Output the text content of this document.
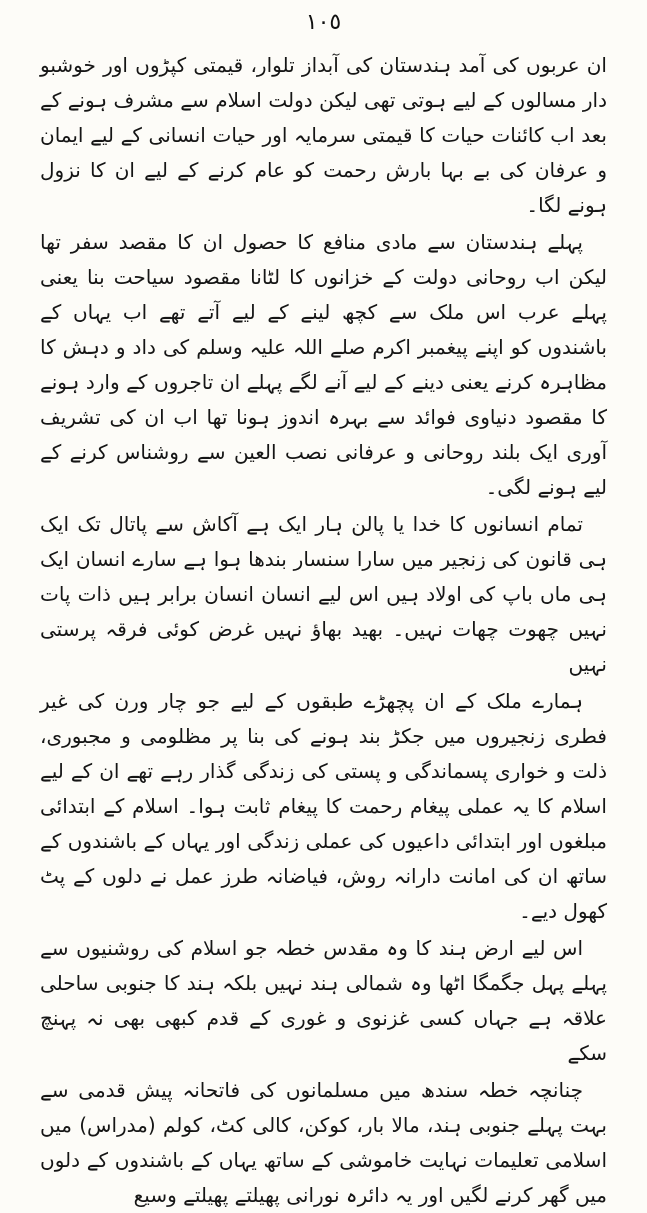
١٠٥

ان عربوں کی آمد ہندستان کی آبداز تلوار، قیمتی کپڑوں اور خوشبو دار مسالوں کے لیے ہوتی تھی لیکن دولت اسلام سے مشرف ہونے کے بعد اب کائنات حیات کا قیمتی سرمایہ اور حیات انسانی کے لیے ایمان و عرفان کی بے بہا بارش رحمت کو عام کرنے کے لیے ان کا نزول ہونے لگا۔

پہلے ہندستان سے مادی منافع کا حصول ان کا مقصد سفر تھا لیکن اب روحانی دولت کے خزانوں کا لٹانا مقصود سیاحت بنا یعنی پہلے عرب اس ملک سے کچھ لینے کے لیے آتے تھے اب یہاں کے باشندوں کو اپنے پیغمبر اکرم صلے اللہ علیہ وسلم کی داد و دہش کا مظاہرہ کرنے یعنی دینے کے لیے آنے لگے پہلے ان تاجروں کے وارد ہونے کا مقصود دنیاوی فوائد سے بہرہ اندوز ہونا تھا اب ان کی تشریف آوری ایک بلند روحانی و عرفانی نصب العین سے روشناس کرنے کے لیے ہونے لگی۔

تمام انسانوں کا خدا یا پالن ہار ایک ہے آکاش سے پاتال تک ایک ہی قانون کی زنجیر میں سارا سنسار بندھا ہوا ہے سارے انسان ایک ہی ماں باپ کی اولاد ہیں اس لیے انسان انسان برابر ہیں ذات پات نہیں چھوت چھات نہیں۔ بھید بھاؤ نہیں غرض کوئی فرقہ پرستی نہیں

ہمارے ملک کے ان پچھڑے طبقوں کے لیے جو چار ورن کی غیر فطری زنجیروں میں جکڑ بند ہونے کی بنا پر مظلومی و مجبوری، ذلت و خواری پسماندگی و پستی کی زندگی گذار رہے تھے ان کے لیے اسلام کا یہ عملی پیغام رحمت کا پیغام ثابت ہوا۔ اسلام کے ابتدائی مبلغوں اور ابتدائی داعیوں کی عملی زندگی اور یہاں کے باشندوں کے ساتھ ان کی امانت دارانہ روش، فیاضانہ طرز عمل نے دلوں کے پٹ کھول دیے۔

اس لیے ارض ہند کا وہ مقدس خطہ جو اسلام کی روشنیوں سے پہلے پہل جگمگا اٹھا وہ شمالی ہند نہیں بلکہ ہند کا جنوبی ساحلی علاقہ ہے جہاں کسی غزنوی و غوری کے قدم کبھی بھی نہ پہنچ سکے

چنانچہ خطہ سندھ میں مسلمانوں کی فاتحانہ پیش قدمی سے بہت پہلے جنوبی ہند، مالا بار، کوکن، کالی کٹ، کولم (مدراس) میں اسلامی تعلیمات نہایت خاموشی کے ساتھ یہاں کے باشندوں کے دلوں میں گھر کرنے لگیں اور یہ دائرہ نورانی پھیلتے پھیلتے وسیع
